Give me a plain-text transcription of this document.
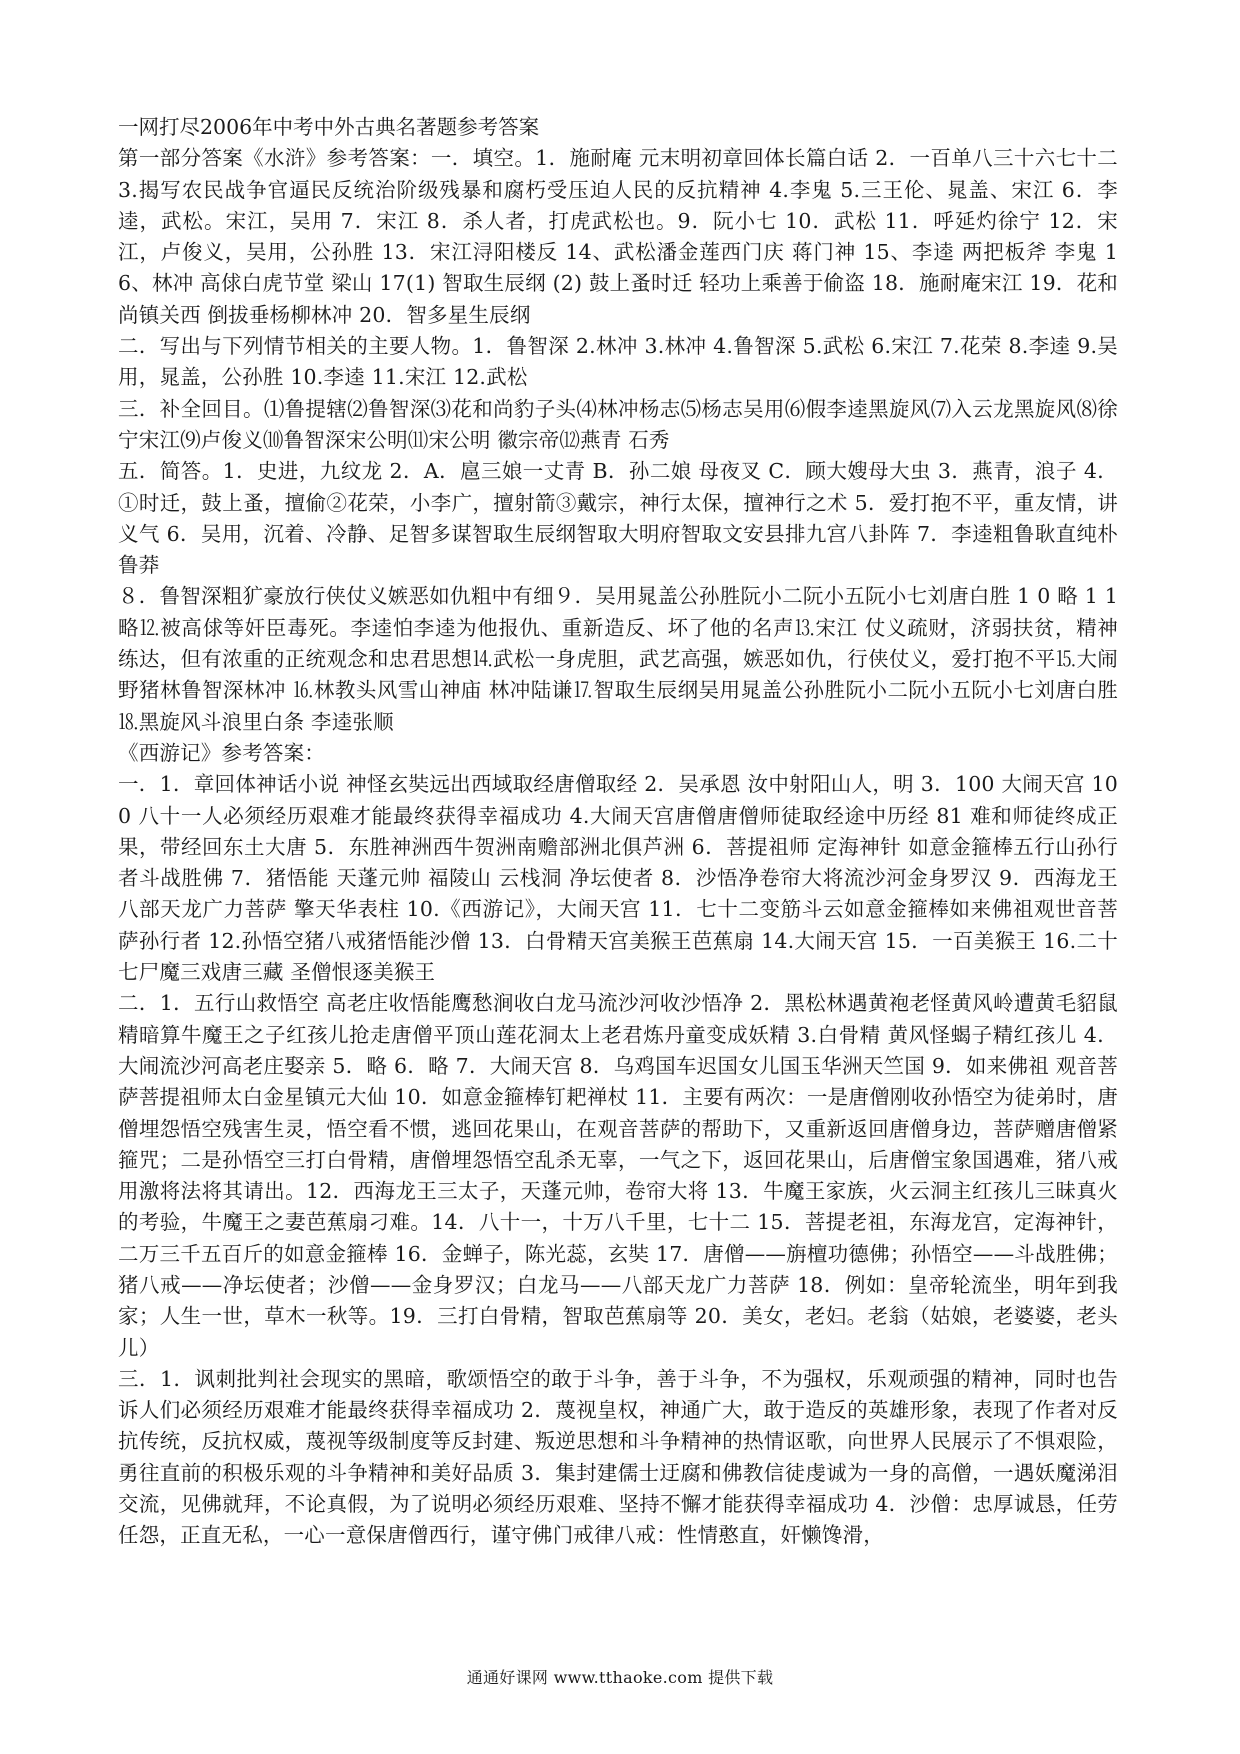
一网打尽2006年中考中外古典名著题参考答案

第一部分答案《水浒》参考答案：一．填空。1．施耐庵 元末明初章回体长篇白话 2．一百单八三十六七十二 3.揭写农民战争官逼民反统治阶级残暴和腐朽受压迫人民的反抗精神 4.李鬼 5.三王伦、晁盖、宋江 6．李逵，武松。宋江，吴用 7．宋江 8．杀人者，打虎武松也。9．阮小七 10．武松 11．呼延灼徐宁 12．宋江，卢俊义，吴用，公孙胜 13．宋江浔阳楼反 14、武松潘金莲西门庆 蒋门神 15、李逵 两把板斧 李鬼 16、林冲 高俅白虎节堂 梁山 17(1) 智取生辰纲 (2) 鼓上蚤时迁 轻功上乘善于偷盗 18．施耐庵宋江 19．花和尚镇关西 倒拔垂杨柳林冲 20．智多星生辰纲

二．写出与下列情节相关的主要人物。1．鲁智深 2.林冲 3.林冲 4.鲁智深 5.武松 6.宋江 7.花荣 8.李逵 9.吴用，晁盖，公孙胜 10.李逵 11.宋江 12.武松

三．补全回目。⑴鲁提辖⑵鲁智深⑶花和尚豹子头⑷林冲杨志⑸杨志吴用⑹假李逵黑旋风⑺入云龙黑旋风⑻徐宁宋江⑼卢俊义⑽鲁智深宋公明⑾宋公明 徽宗帝⑿燕青 石秀

五．简答。1．史进，九纹龙 2．A．扈三娘一丈青 B．孙二娘 母夜叉 C．顾大嫂母大虫 3．燕青，浪子 4．①时迁，鼓上蚤，擅偷②花荣，小李广，擅射箭③戴宗，神行太保，擅神行之术 5．爱打抱不平，重友情，讲义气 6．吴用，沉着、冷静、足智多谋智取生辰纲智取大明府智取文安县排九宫八卦阵 7．李逵粗鲁耿直纯朴鲁莽

８．鲁智深粗犷豪放行侠仗义嫉恶如仇粗中有细９．吴用晁盖公孙胜阮小二阮小五阮小七刘唐白胜 1 0 略 1 1 略⒓被高俅等奸臣毒死。李逵怕李逵为他报仇、重新造反、坏了他的名声⒔宋江 仗义疏财，济弱扶贫，精神练达，但有浓重的正统观念和忠君思想⒕武松一身虎胆，武艺高强，嫉恶如仇，行侠仗义，爱打抱不平⒖大闹野猪林鲁智深林冲 ⒗林教头风雪山神庙 林冲陆谦⒘智取生辰纲吴用晁盖公孙胜阮小二阮小五阮小七刘唐白胜 ⒙黑旋风斗浪里白条 李逵张顺

《西游记》参考答案：

一．1．章回体神话小说 神怪玄奘远出西域取经唐僧取经 2．吴承恩 汝中射阳山人，明 3．100 大闹天宫 100 八十一人必须经历艰难才能最终获得幸福成功 4.大闹天宫唐僧唐僧师徒取经途中历经 81 难和师徒终成正果，带经回东土大唐 5．东胜神洲西牛贺洲南赡部洲北俱芦洲 6．菩提祖师 定海神针 如意金箍棒五行山孙行者斗战胜佛 7．猪悟能 天蓬元帅 福陵山 云栈洞 净坛使者 8．沙悟净卷帘大将流沙河金身罗汉 9．西海龙王 八部天龙广力菩萨 擎天华表柱 10.《西游记》，大闹天宫 11．七十二变筋斗云如意金箍棒如来佛祖观世音菩萨孙行者 12.孙悟空猪八戒猪悟能沙僧 13．白骨精天宫美猴王芭蕉扇 14.大闹天宫 15．一百美猴王 16.二十七尸魔三戏唐三藏 圣僧恨逐美猴王

二．1．五行山救悟空 高老庄收悟能鹰愁涧收白龙马流沙河收沙悟净 2．黑松林遇黄袍老怪黄风岭遭黄毛貂鼠精暗算牛魔王之子红孩儿抢走唐僧平顶山莲花洞太上老君炼丹童变成妖精 3.白骨精 黄风怪蝎子精红孩儿 4．大闹流沙河高老庄娶亲 5．略 6．略 7．大闹天宫 8．乌鸡国车迟国女儿国玉华洲天竺国 9．如来佛祖 观音菩萨菩提祖师太白金星镇元大仙 10．如意金箍棒钉耙禅杖 11．主要有两次：一是唐僧刚收孙悟空为徒弟时，唐僧埋怨悟空残害生灵，悟空看不惯，逃回花果山，在观音菩萨的帮助下，又重新返回唐僧身边，菩萨赠唐僧紧箍咒；二是孙悟空三打白骨精，唐僧埋怨悟空乱杀无辜，一气之下，返回花果山，后唐僧宝象国遇难，猪八戒用激将法将其请出。12．西海龙王三太子，天蓬元帅，卷帘大将 13．牛魔王家族，火云洞主红孩儿三昧真火的考验，牛魔王之妻芭蕉扇刁难。14．八十一，十万八千里，七十二 15．菩提老祖，东海龙宫，定海神针，二万三千五百斤的如意金箍棒 16．金蝉子，陈光蕊，玄奘 17．唐僧——旃檀功德佛；孙悟空——斗战胜佛；猪八戒——净坛使者；沙僧——金身罗汉；白龙马——八部天龙广力菩萨 18．例如：皇帝轮流坐，明年到我家；人生一世，草木一秋等。19．三打白骨精，智取芭蕉扇等 20．美女，老妇。老翁（姑娘，老婆婆，老头儿）

三．1．讽刺批判社会现实的黑暗，歌颂悟空的敢于斗争，善于斗争，不为强权，乐观顽强的精神，同时也告诉人们必须经历艰难才能最终获得幸福成功 2．蔑视皇权，神通广大，敢于造反的英雄形象，表现了作者对反抗传统，反抗权威，蔑视等级制度等反封建、叛逆思想和斗争精神的热情讴歌，向世界人民展示了不惧艰险，勇往直前的积极乐观的斗争精神和美好品质 3．集封建儒士迂腐和佛教信徒虔诚为一身的高僧，一遇妖魔涕泪交流，见佛就拜，不论真假，为了说明必须经历艰难、坚持不懈才能获得幸福成功 4．沙僧：忠厚诚恳，任劳任怨，正直无私，一心一意保唐僧西行，谨守佛门戒律八戒：性情憨直，奸懒馋滑，

通通好课网 www.tthaoke.com 提供下载
